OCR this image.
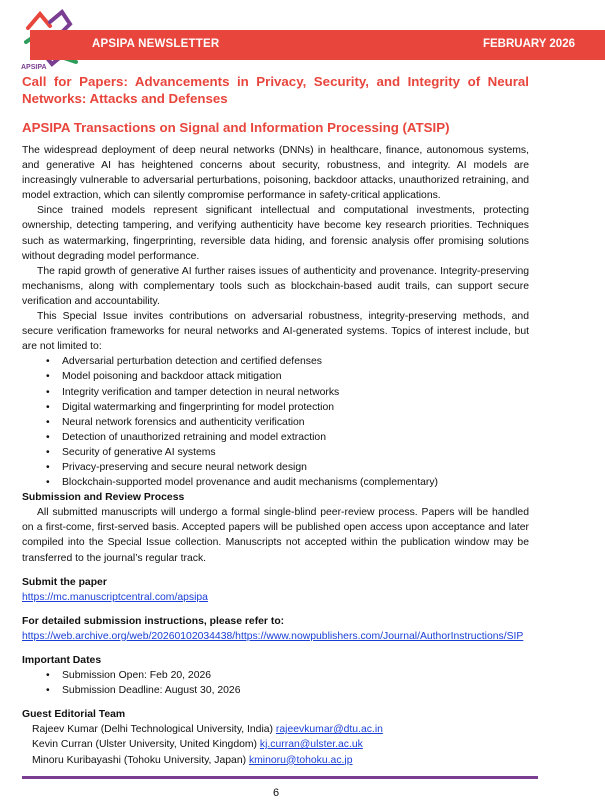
APSIPA
APSIPA NEWSLETTER	FEBRUARY 2026
Call for Papers: Advancements in Privacy, Security, and Integrity of Neural Networks: Attacks and Defenses
APSIPA Transactions on Signal and Information Processing (ATSIP)

The widespread deployment of deep neural networks (DNNs) in healthcare, finance, autonomous systems, and generative AI has heightened concerns about security, robustness, and integrity. AI models are increasingly vulnerable to adversarial perturbations, poisoning, backdoor attacks, unauthorized retraining, and model extraction, which can silently compromise performance in safety-critical applications.

Since trained models represent significant intellectual and computational investments, protecting ownership, detecting tampering, and verifying authenticity have become key research priorities. Techniques such as watermarking, fingerprinting, reversible data hiding, and forensic analysis offer promising solutions without degrading model performance.

The rapid growth of generative AI further raises issues of authenticity and provenance. Integrity-preserving mechanisms, along with complementary tools such as blockchain-based audit trails, can support secure verification and accountability.

This Special Issue invites contributions on adversarial robustness, integrity-preserving methods, and secure verification frameworks for neural networks and AI-generated systems. Topics of interest include, but are not limited to:

• Adversarial perturbation detection and certified defenses
• Model poisoning and backdoor attack mitigation
• Integrity verification and tamper detection in neural networks
• Digital watermarking and fingerprinting for model protection
• Neural network forensics and authenticity verification
• Detection of unauthorized retraining and model extraction
• Security of generative AI systems
• Privacy-preserving and secure neural network design
• Blockchain-supported model provenance and audit mechanisms (complementary)
Submission and Review Process

All submitted manuscripts will undergo a formal single-blind peer-review process. Papers will be handled on a first-come, first-served basis. Accepted papers will be published open access upon acceptance and later compiled into the Special Issue collection. Manuscripts not accepted within the publication window may be transferred to the journal’s regular track.

Submit the paper
https://mc.manuscriptcentral.com/apsipa
For detailed submission instructions, please refer to:
https://web.archive.org/web/20260102034438/https://www.nowpublishers.com/Journal/AuthorInstructions/SIP
Important Dates
• Submission Open: Feb 20, 2026
• Submission Deadline: August 30, 2026
Guest Editorial Team
Rajeev Kumar (Delhi Technological University, India) rajeevkumar@dtu.ac.in
Kevin Curran (Ulster University, United Kingdom) kj.curran@ulster.ac.uk
Minoru Kuribayashi (Tohoku University, Japan) kminoru@tohoku.ac.jp
6
